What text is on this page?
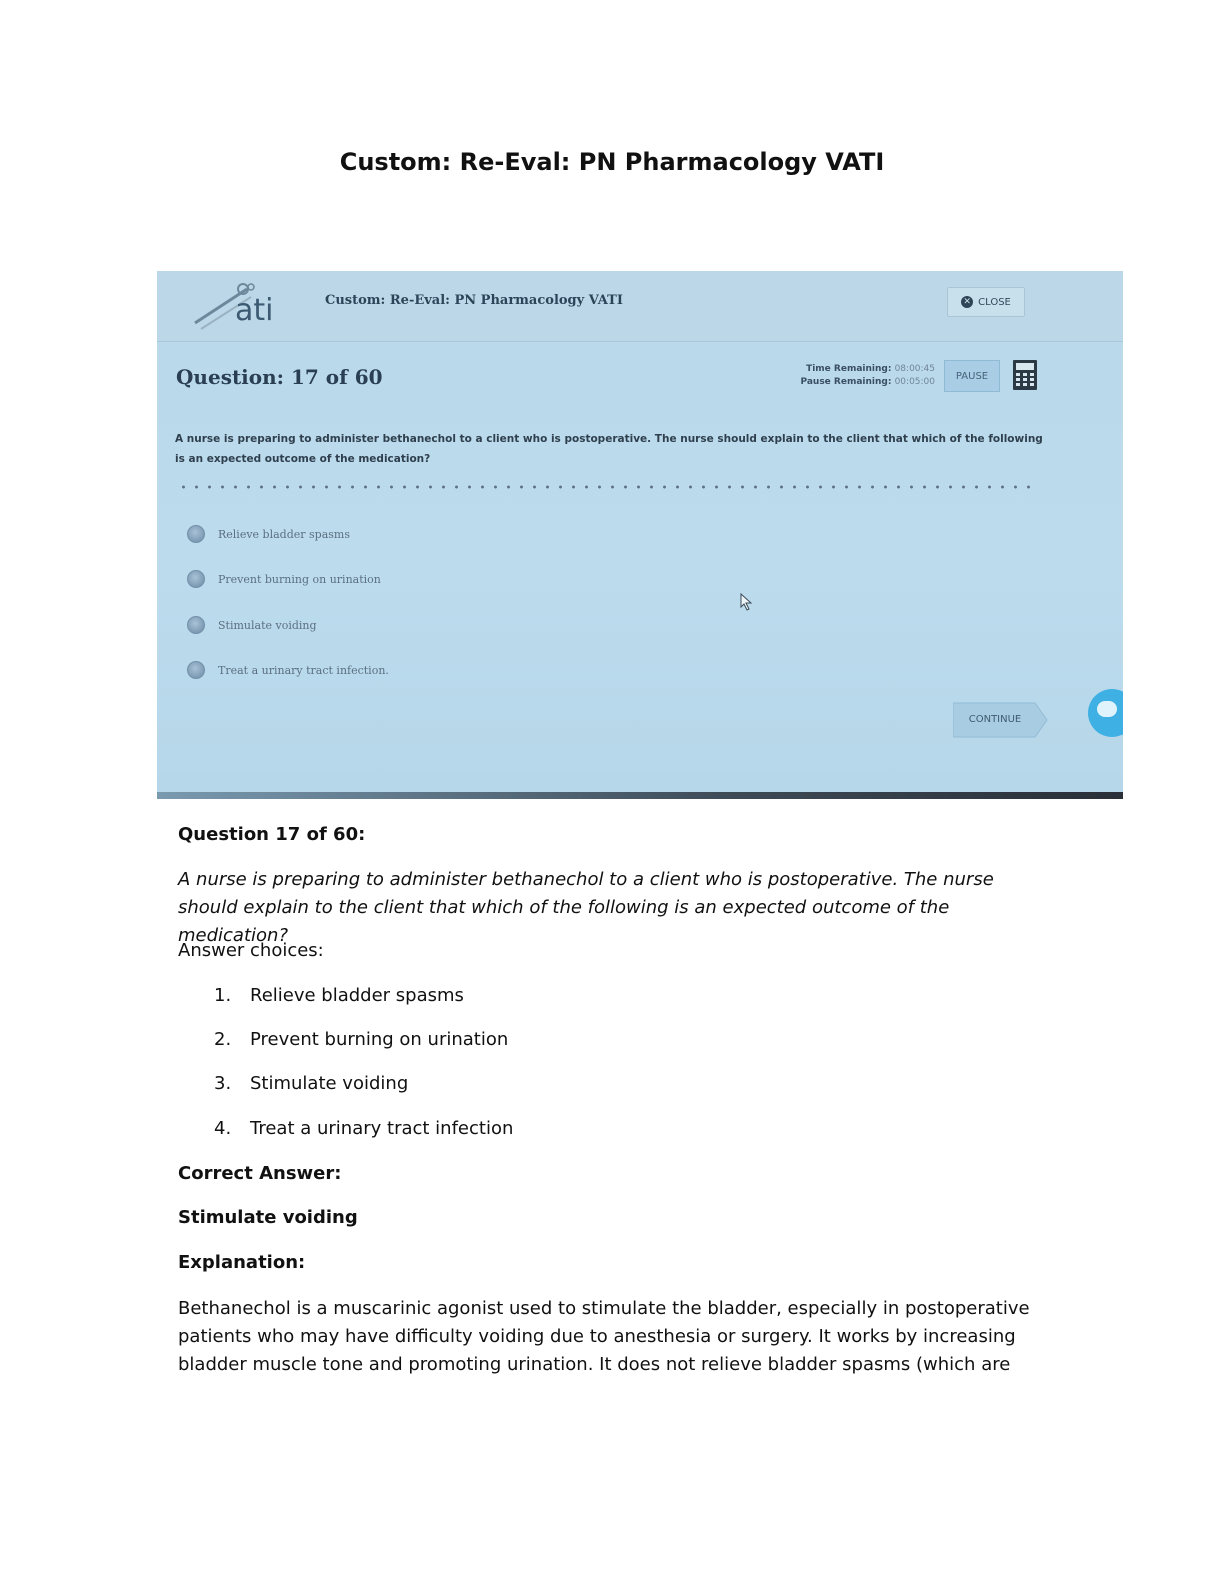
Custom: Re-Eval: PN Pharmacology VATI
ati	Custom: Re-Eval: PN Pharmacology VATI	✕ CLOSE
Question: 17 of 60	Time Remaining: 08:00:45
Pause Remaining: 00:05:00
PAUSE
A nurse is preparing to administer bethanechol to a client who is postoperative. The nurse should explain to the client that which of the following is an expected outcome of the medication?
Relieve bladder spasms
Prevent burning on urination
Stimulate voiding
Treat a urinary tract infection.
CONTINUE
Question 17 of 60:
A nurse is preparing to administer bethanechol to a client who is postoperative. The nurse should explain to the client that which of the following is an expected outcome of the medication?
Answer choices:
1. Relieve bladder spasms
2. Prevent burning on urination
3. Stimulate voiding
4. Treat a urinary tract infection
Correct Answer:
Stimulate voiding
Explanation:
Bethanechol is a muscarinic agonist used to stimulate the bladder, especially in postoperative patients who may have difficulty voiding due to anesthesia or surgery. It works by increasing bladder muscle tone and promoting urination. It does not relieve bladder spasms (which are
